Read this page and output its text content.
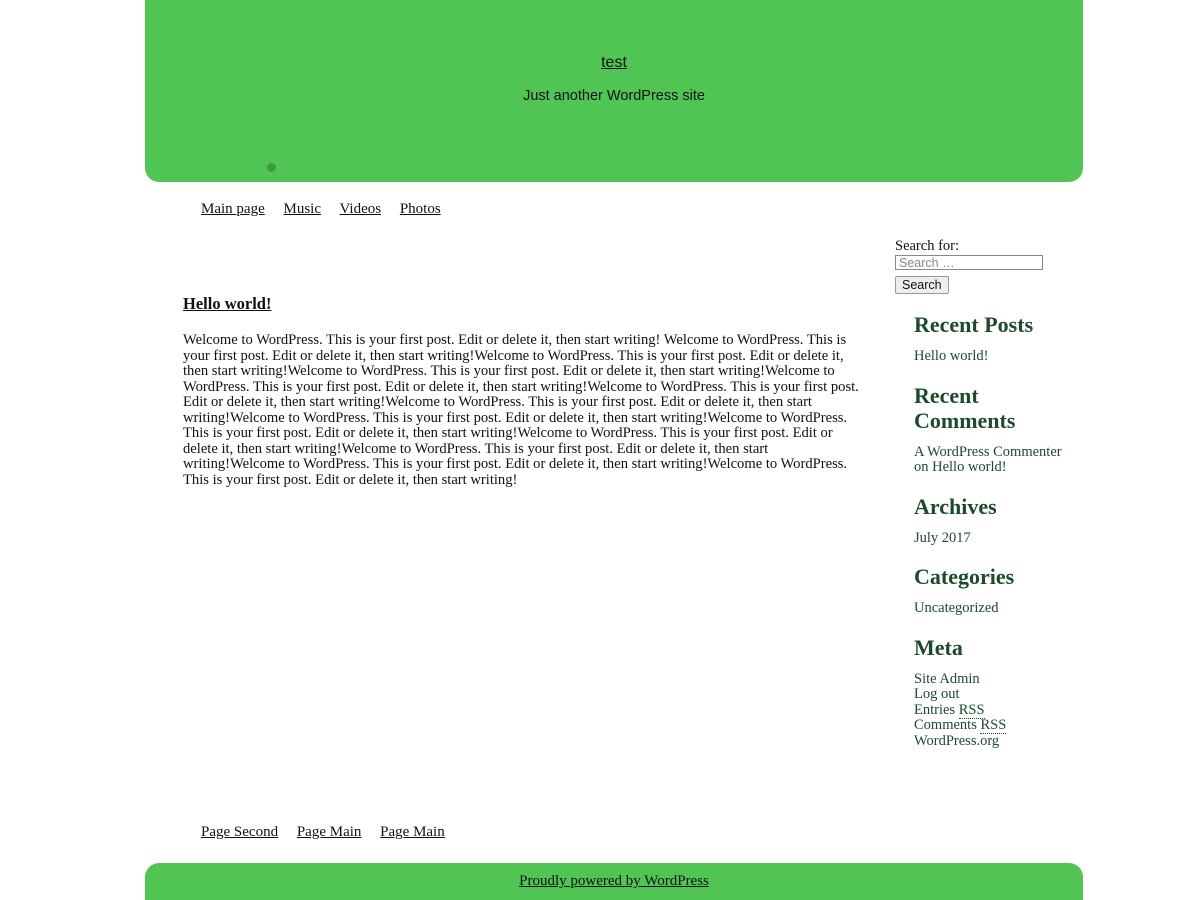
test
Just another WordPress site
Main page Music Videos Photos
Hello world!

Welcome to WordPress. This is your first post. Edit or delete it, then start writing! Welcome to WordPress. This is your first post. Edit or delete it, then start writing!Welcome to WordPress. This is your first post. Edit or delete it, then start writing!Welcome to WordPress. This is your first post. Edit or delete it, then start writing!Welcome to WordPress. This is your first post. Edit or delete it, then start writing!Welcome to WordPress. This is your first post. Edit or delete it, then start writing!Welcome to WordPress. This is your first post. Edit or delete it, then start writing!Welcome to WordPress. This is your first post. Edit or delete it, then start writing!Welcome to WordPress. This is your first post. Edit or delete it, then start writing!Welcome to WordPress. This is your first post. Edit or delete it, then start writing!Welcome to WordPress. This is your first post. Edit or delete it, then start writing!Welcome to WordPress. This is your first post. Edit or delete it, then start writing!Welcome to WordPress. This is your first post. Edit or delete it, then start writing!

Search for:
Search …
Search
Recent Posts
Hello world!
Recent Comments
A WordPress Commenter on Hello world!
Archives
July 2017
Categories
Uncategorized
Meta
Site Admin
Log out
Entries RSS
Comments RSS
WordPress.org
Page Second Page Main Page Main
Proudly powered by WordPress
